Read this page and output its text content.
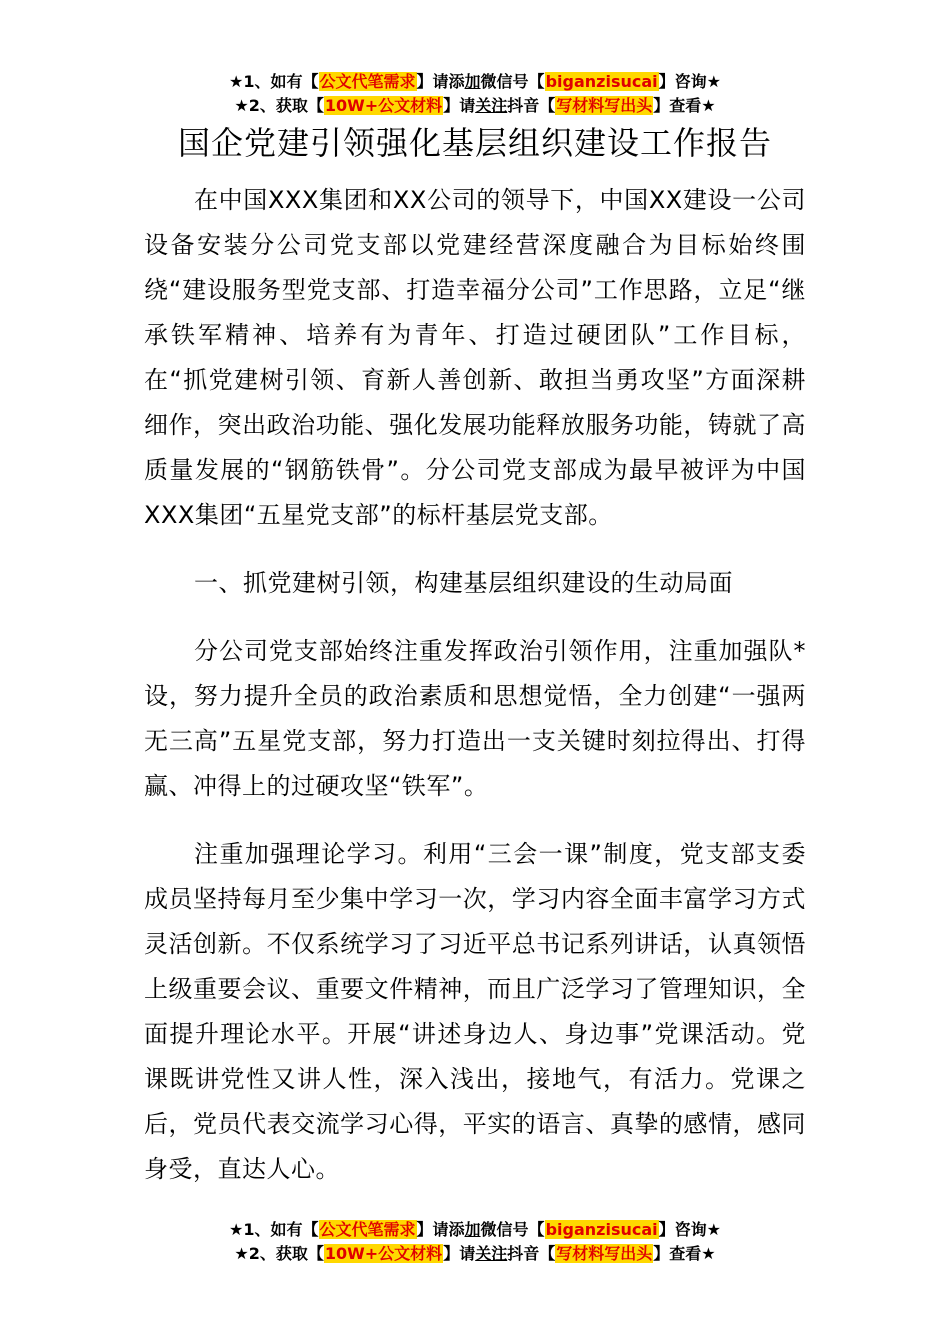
★1、如有【公文代笔需求】请添加微信号【biganzisucai】咨询★
★2、获取【10W+公文材料】请关注抖音【写材料写出头】查看★
国企党建引领强化基层组织建设工作报告

在中国XXX集团和XX公司的领导下，中国XX建设一公司设备安装分公司党支部以党建经营深度融合为目标始终围绕“建设服务型党支部、打造幸福分公司”工作思路，立足“继承铁军精神、培养有为青年、打造过硬团队”工作目标，在“抓党建树引领、育新人善创新、敢担当勇攻坚”方面深耕细作，突出政治功能、强化发展功能释放服务功能，铸就了高质量发展的“钢筋铁骨”。分公司党支部成为最早被评为中国XXX集团“五星党支部”的标杆基层党支部。

一、抓党建树引领，构建基层组织建设的生动局面

分公司党支部始终注重发挥政治引领作用，注重加强队*设，努力提升全员的政治素质和思想觉悟，全力创建“一强两无三高”五星党支部，努力打造出一支关键时刻拉得出、打得赢、冲得上的过硬攻坚“铁军”。

注重加强理论学习。利用“三会一课”制度，党支部支委成员坚持每月至少集中学习一次，学习内容全面丰富学习方式灵活创新。不仅系统学习了习近平总书记系列讲话，认真领悟上级重要会议、重要文件精神，而且广泛学习了管理知识，全面提升理论水平。开展“讲述身边人、身边事”党课活动。党课既讲党性又讲人性，深入浅出，接地气，有活力。党课之后，党员代表交流学习心得，平实的语言、真挚的感情，感同身受，直达人心。

★1、如有【公文代笔需求】请添加微信号【biganzisucai】咨询★
★2、获取【10W+公文材料】请关注抖音【写材料写出头】查看★
